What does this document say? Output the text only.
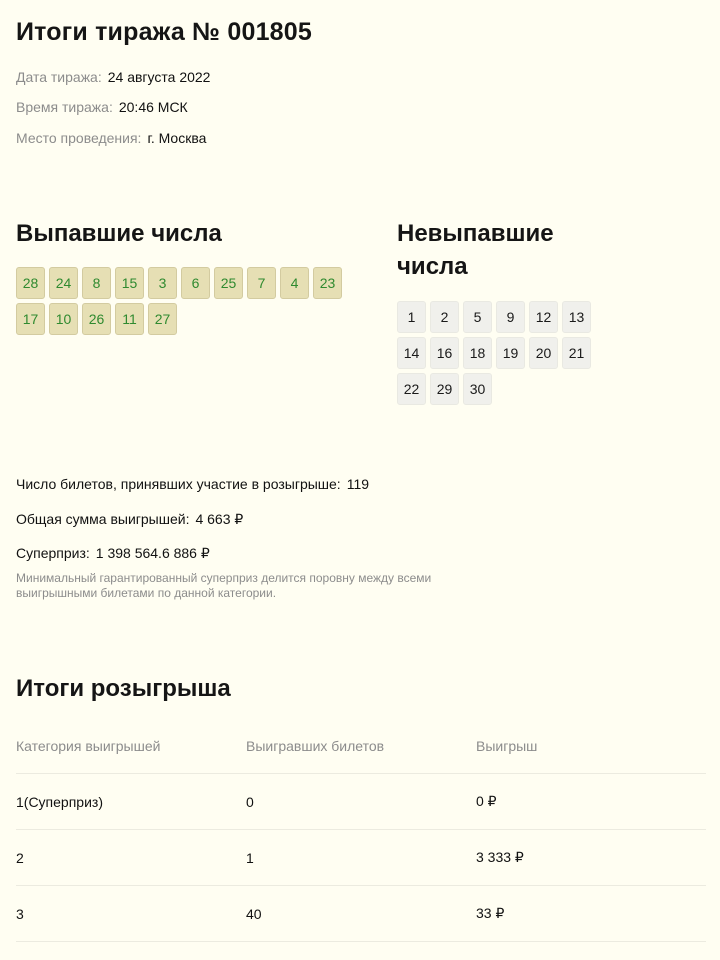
Итоги тиража № 001805
Дата тиража: 24 августа 2022
Время тиража: 20:46 МСК
Место проведения: г. Москва
Выпавшие числа
28	24	8	15	3	6	25	7	4	23
17	10	26	11	27
Невыпавшие числа
1	2	5	9	12	13
14	16	18	19	20	21
22	29	30
Число билетов, принявших участие в розыгрыше: 119
Общая сумма выигрышей: 4 663 ₽
Суперприз: 1 398 564.6 886 ₽
Минимальный гарантированный суперприз делится поровну между всеми выигрышными билетами по данной категории.
Итоги розыгрыша
Категория выигрышей	Выигравших билетов	Выигрыш
1(Суперприз)	0	0 ₽
2	1	3 333 ₽
3	40	33 ₽
